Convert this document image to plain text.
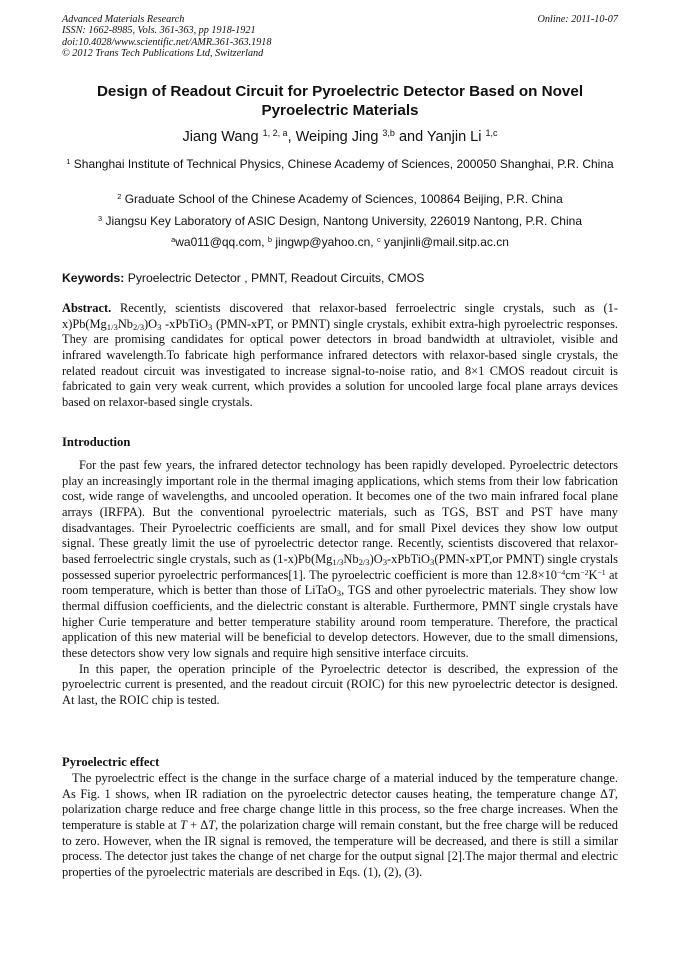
Advanced Materials Research
ISSN: 1662-8985, Vols. 361-363, pp 1918-1921
doi:10.4028/www.scientific.net/AMR.361-363.1918
© 2012 Trans Tech Publications Ltd, Switzerland
Online: 2011-10-07
Design of Readout Circuit for Pyroelectric Detector Based on Novel Pyroelectric Materials
Jiang Wang $^{1, 2, a}$, Weiping Jing $^{3,b}$ and Yanjin Li $^{1,c}$
$^1$ Shanghai Institute of Technical Physics, Chinese Academy of Sciences, 200050 Shanghai, P.R. China
$^2$ Graduate School of the Chinese Academy of Sciences, 100864 Beijing, P.R. China
$^3$ Jiangsu Key Laboratory of ASIC Design, Nantong University, 226019 Nantong, P.R. China
$^a$wa011@qq.com, $^b$ jingwp@yahoo.cn, $^c$ yanjinli@mail.sitp.ac.cn
Keywords: Pyroelectric Detector , PMNT, Readout Circuits, CMOS

Abstract. Recently, scientists discovered that relaxor-based ferroelectric single crystals, such as $(1-x)Pb(Mg_{1/3}Nb_{2/3})O_3$ -xPbTiO$_3$ (PMN-xPT, or PMNT) single crystals, exhibit extra-high pyroelectric responses. They are promising candidates for optical power detectors in broad bandwidth at ultraviolet, visible and infrared wavelength.To fabricate high performance infrared detectors with relaxor-based single crystals, the related readout circuit was investigated to increase signal-to-noise ratio, and 8×1 CMOS readout circuit is fabricated to gain very weak current, which provides a solution for uncooled large focal plane arrays devices based on relaxor-based single crystals.

Introduction

For the past few years, the infrared detector technology has been rapidly developed. Pyroelectric detectors play an increasingly important role in the thermal imaging applications, which stems from their low fabrication cost, wide range of wavelengths, and uncooled operation. It becomes one of the two main infrared focal plane arrays (IRFPA). But the conventional pyroelectric materials, such as TGS, BST and PST have many disadvantages. Their Pyroelectric coefficients are small, and for small Pixel devices they show low output signal. These greatly limit the use of pyroelectric detector range. Recently, scientists discovered that relaxor-based ferroelectric single crystals, such as $(1-x)Pb(Mg_{1/3}Nb_{2/3})O_3-xPbTiO_3(PMN-xPT,or$ PMNT) single crystals possessed superior pyroelectric performances[1]. The pyroelectric coefficient is more than $12.8\times 10^{-4}cm^{-2}K^{-1}$ at room temperature, which is better than those of LiTaO$_3$, TGS and other pyroelectric materials. They show low thermal diffusion coefficients, and the dielectric constant is alterable. Furthermore, PMNT single crystals have higher Curie temperature and better temperature stability around room temperature. Therefore, the practical application of this new material will be beneficial to develop detectors. However, due to the small dimensions, these detectors show very low signals and require high sensitive interface circuits.

In this paper, the operation principle of the Pyroelectric detector is described, the expression of the pyroelectric current is presented, and the readout circuit (ROIC) for this new pyroelectric detector is designed. At last, the ROIC chip is tested.

Pyroelectric effect

The pyroelectric effect is the change in the surface charge of a material induced by the temperature change. As Fig. 1 shows, when IR radiation on the pyroelectric detector causes heating, the temperature change ΔT, polarization charge reduce and free charge change little in this process, so the free charge increases. When the temperature is stable at T + ΔT, the polarization charge will remain constant, but the free charge will be reduced to zero. However, when the IR signal is removed, the temperature will be decreased, and there is still a similar process. The detector just takes the change of net charge for the output signal [2].The major thermal and electric properties of the pyroelectric materials are described in Eqs. (1), (2), (3).
